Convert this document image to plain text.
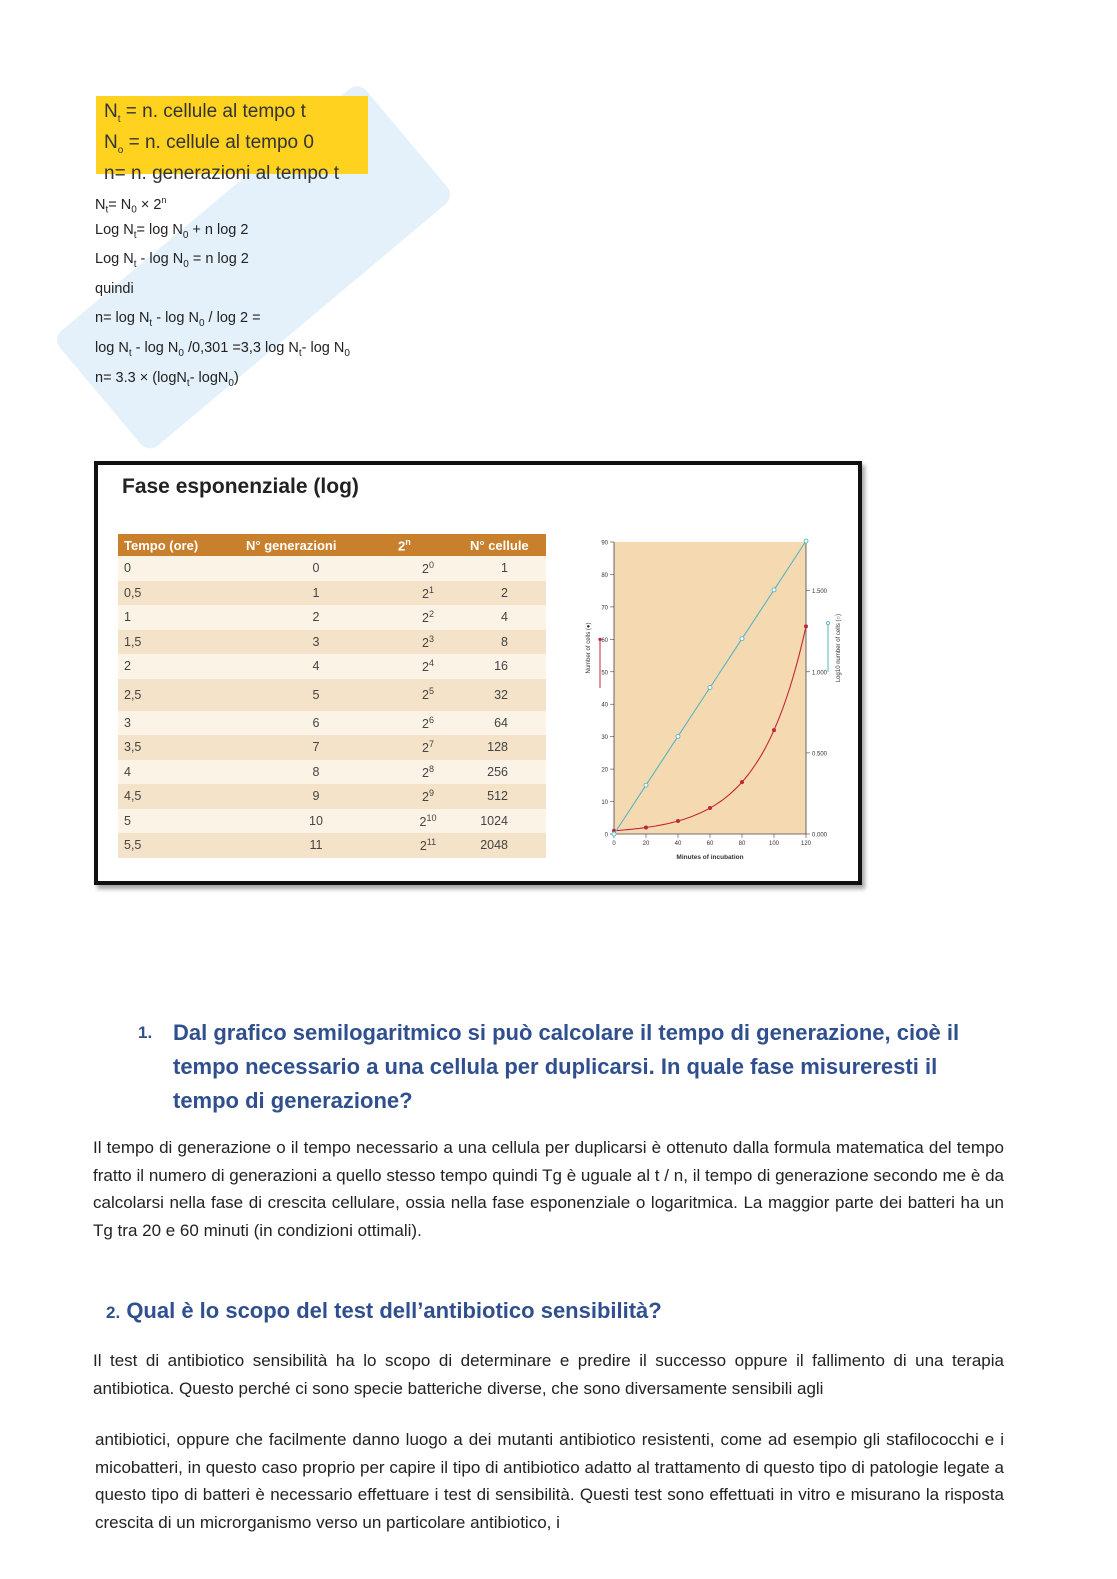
$N_t = n$. cellule al tempo t
$N_o = n$. cellule al tempo 0
n= n. generazioni al tempo t
$N_t= N_0 \times 2^n$
Log $N_t= \log N_0 + n$ log 2
Log $N_t - \log N_0 = n$ log 2
quindi
$n= \log N_t - \log N_0 / \log 2$ =
$\log N_t$ - $\log N_0$ /0,301 =3,3 $\log N_t-$ $\log N_0$
n= 3.3 × (logN$_t$- logN$_0$)
Fase esponenziale (log)
Tempo (ore)	N° generazioni	2$^n$	N° cellule
0	0	$2^0$	1
0,5	1	$2^1$	2
1	2	$2^2$	4
1,5	3	$2^3$	8
2	4	$2^4$	16
2,5	5	$2^5$	32
3	6	$2^6$	64
3,5	7	$2^7$	128
4	8	$2^8$	256
4,5	9	$2^9$	512
5	10	$2^{10}$	1024
5,5	11	$2^{11}$	2048
0
10
20
30
40
50
60
70
80
90
0	20	40	60	80	100	120
0.000
0.500
1.000
1.500
Minutes of incubation
Number of cells (●)	Log10 number of cells (○)
1. Dal grafico semilogaritmico si può calcolare il tempo di generazione, cioè il tempo necessario a una cellula per duplicarsi. In quale fase misureresti il tempo di generazione?
Il tempo di generazione o il tempo necessario a una cellula per duplicarsi è ottenuto dalla formula matematica del tempo fratto il numero di generazioni a quello stesso tempo quindi Tg è uguale al t / n, il tempo di generazione secondo me è da calcolarsi nella fase di crescita cellulare, ossia nella fase esponenziale o logaritmica. La maggior parte dei batteri ha un Tg tra 20 e 60 minuti (in condizioni ottimali).
2. Qual è lo scopo del test dell’antibiotico sensibilità?
Il test di antibiotico sensibilità ha lo scopo di determinare e predire il successo oppure il fallimento di una terapia antibiotica. Questo perché ci sono specie batteriche diverse, che sono diversamente sensibili agli
antibiotici, oppure che facilmente danno luogo a dei mutanti antibiotico resistenti, come ad esempio gli stafilococchi e i micobatteri, in questo caso proprio per capire il tipo di antibiotico adatto al trattamento di questo tipo di patologie legate a questo tipo di batteri è necessario effettuare i test di sensibilità. Questi test sono effettuati in vitro e misurano la risposta crescita di un microrganismo verso un particolare antibiotico, i
